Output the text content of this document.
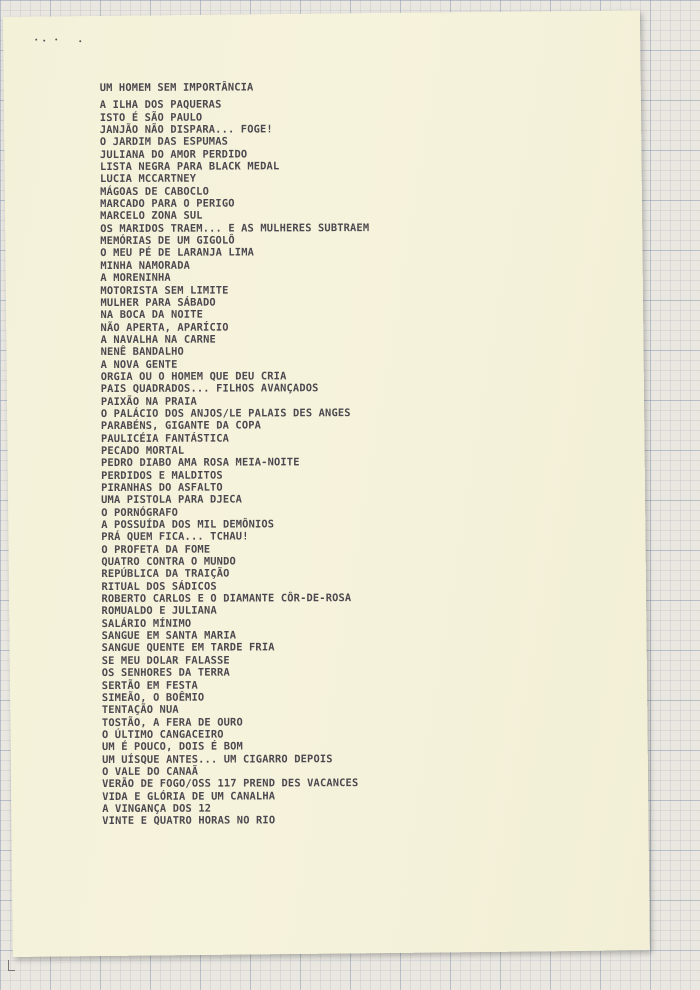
UM HOMEM SEM IMPORTÂNCIA
A ILHA DOS PAQUERAS
ISTO É SÃO PAULO
JANJÃO NÃO DISPARA... FOGE!
O JARDIM DAS ESPUMAS
JULIANA DO AMOR PERDIDO
LISTA NEGRA PARA BLACK MEDAL
LUCIA MCCARTNEY
MÁGOAS DE CABOCLO
MARCADO PARA O PERIGO
MARCELO ZONA SUL
OS MARIDOS TRAEM... E AS MULHERES SUBTRAEM
MEMÓRIAS DE UM GIGOLÔ
O MEU PÉ DE LARANJA LIMA
MINHA NAMORADA
A MORENINHA
MOTORISTA SEM LIMITE
MULHER PARA SÁBADO
NA BOCA DA NOITE
NÃO APERTA, APARÍCIO
A NAVALHA NA CARNE
NENÊ BANDALHO
A NOVA GENTE
ORGIA OU O HOMEM QUE DEU CRIA
PAIS QUADRADOS... FILHOS AVANÇADOS
PAIXÃO NA PRAIA
O PALÁCIO DOS ANJOS/LE PALAIS DES ANGES
PARABÉNS, GIGANTE DA COPA
PAULICÉIA FANTÁSTICA
PECADO MORTAL
PEDRO DIABO AMA ROSA MEIA-NOITE
PERDIDOS E MALDITOS
PIRANHAS DO ASFALTO
UMA PISTOLA PARA DJECA
O PORNÓGRAFO
A POSSUÍDA DOS MIL DEMÔNIOS
PRÁ QUEM FICA... TCHAU!
O PROFETA DA FOME
QUATRO CONTRA O MUNDO
REPÚBLICA DA TRAIÇÃO
RITUAL DOS SÁDICOS
ROBERTO CARLOS E O DIAMANTE CÔR-DE-ROSA
ROMUALDO E JULIANA
SALÁRIO MÍNIMO
SANGUE EM SANTA MARIA
SANGUE QUENTE EM TARDE FRIA
SE MEU DOLAR FALASSE
OS SENHORES DA TERRA
SERTÃO EM FESTA
SIMEÃO, O BOÊMIO
TENTAÇÃO NUA
TOSTÃO, A FERA DE OURO
O ÚLTIMO CANGACEIRO
UM É POUCO, DOIS É BOM
UM UÍSQUE ANTES... UM CIGARRO DEPOIS
O VALE DO CANAÃ
VERÃO DE FOGO/OSS 117 PREND DES VACANCES
VIDA E GLÓRIA DE UM CANALHA
A VINGANÇA DOS 12
VINTE E QUATRO HORAS NO RIO
